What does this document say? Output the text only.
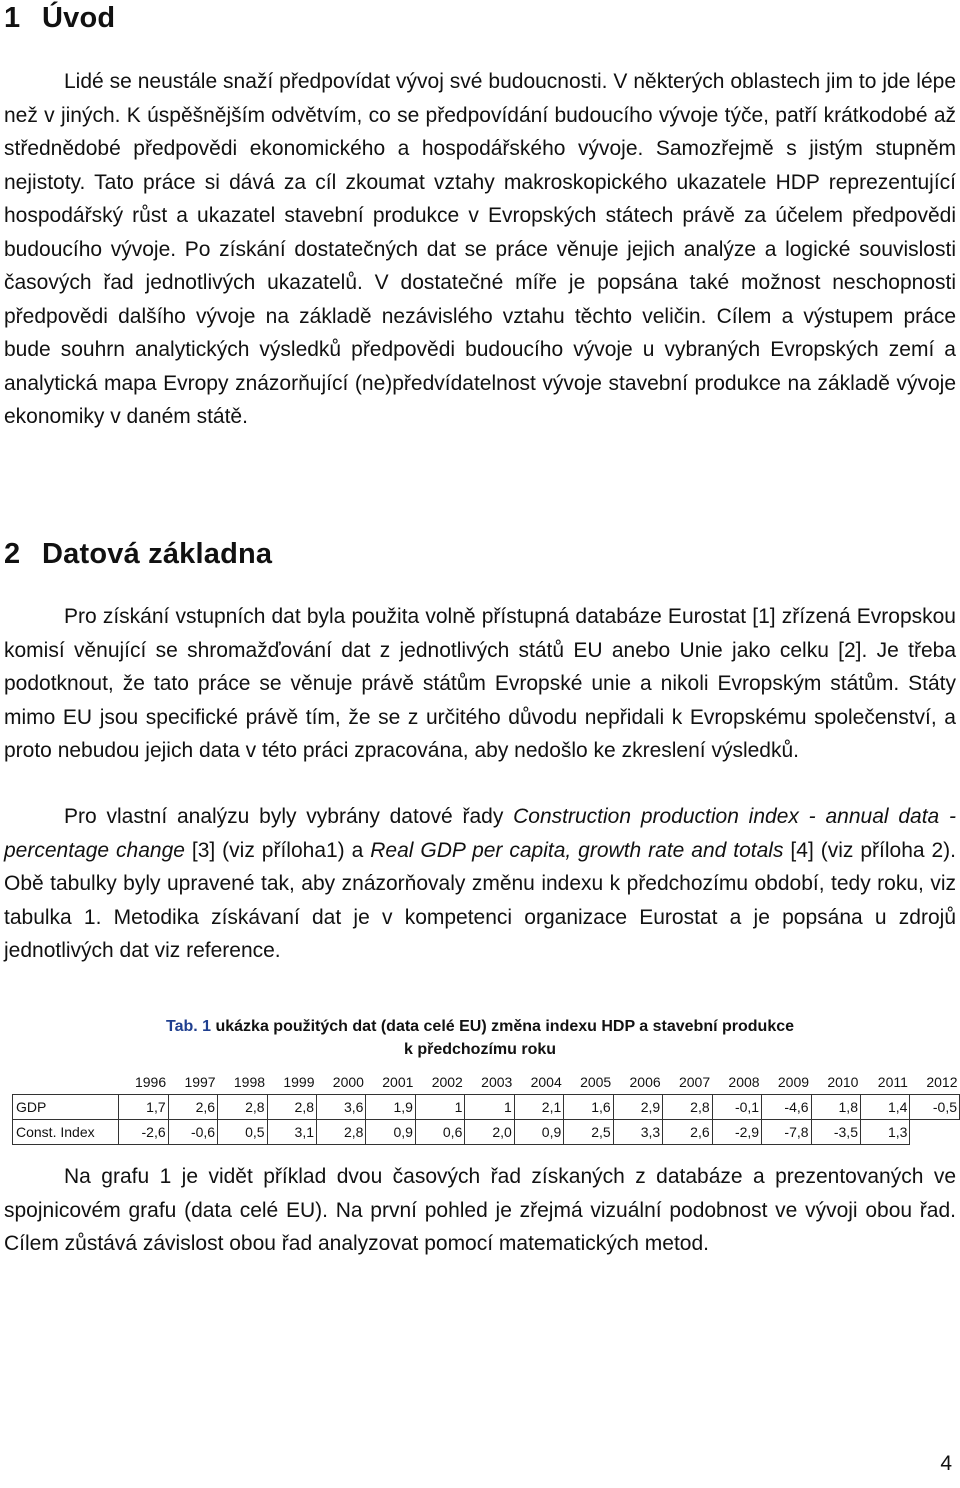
1 Úvod

Lidé se neustále snaží předpovídat vývoj své budoucnosti. V některých oblastech jim to jde lépe než v jiných. K úspěšnějším odvětvím, co se předpovídání budoucího vývoje týče, patří krátkodobé až střednědobé předpovědi ekonomického a hospodářského vývoje. Samozřejmě s jistým stupněm nejistoty. Tato práce si dává za cíl zkoumat vztahy makroskopického ukazatele HDP reprezentující hospodářský růst a ukazatel stavební produkce v Evropských státech právě za účelem předpovědi budoucího vývoje. Po získání dostatečných dat se práce věnuje jejich analýze a logické souvislosti časových řad jednotlivých ukazatelů. V dostatečné míře je popsána také možnost neschopnosti předpovědi dalšího vývoje na základě nezávislého vztahu těchto veličin. Cílem a výstupem práce bude souhrn analytických výsledků předpovědi budoucího vývoje u vybraných Evropských zemí a analytická mapa Evropy znázorňující (ne)předvídatelnost vývoje stavební produkce na základě vývoje ekonomiky v daném státě.

2 Datová základna

Pro získání vstupních dat byla použita volně přístupná databáze Eurostat [1] zřízená Evropskou komisí věnující se shromažďování dat z jednotlivých států EU anebo Unie jako celku [2]. Je třeba podotknout, že tato práce se věnuje právě státům Evropské unie a nikoli Evropským státům. Státy mimo EU jsou specifické právě tím, že se z určitého důvodu nepřidali k Evropskému společenství, a proto nebudou jejich data v této práci zpracována, aby nedošlo ke zkreslení výsledků.

Pro vlastní analýzu byly vybrány datové řady Construction production index - annual data - percentage change [3] (viz příloha1) a Real GDP per capita, growth rate and totals [4] (viz příloha 2). Obě tabulky byly upravené tak, aby znázorňovaly změnu indexu k předchozímu období, tedy roku, viz tabulka 1. Metodika získávaní dat je v kompetenci organizace Eurostat a je popsána u zdrojů jednotlivých dat viz reference.

Tab. 1 ukázka použitých dat (data celé EU) změna indexu HDP a stavební produkce
k předchozímu roku
	1996	1997	1998	1999	2000	2001	2002	2003	2004	2005	2006	2007	2008	2009	2010	2011	2012
GDP	1,7	2,6	2,8	2,8	3,6	1,9	1	1	2,1	1,6	2,9	2,8	-0,1	-4,6	1,8	1,4	-0,5
Const. Index	-2,6	-0,6	0,5	3,1	2,8	0,9	0,6	2,0	0,9	2,5	3,3	2,6	-2,9	-7,8	-3,5	1,3	

Na grafu 1 je vidět příklad dvou časových řad získaných z databáze a prezentovaných ve spojnicovém grafu (data celé EU). Na první pohled je zřejmá vizuální podobnost ve vývoji obou řad. Cílem zůstává závislost obou řad analyzovat pomocí matematických metod.

4
